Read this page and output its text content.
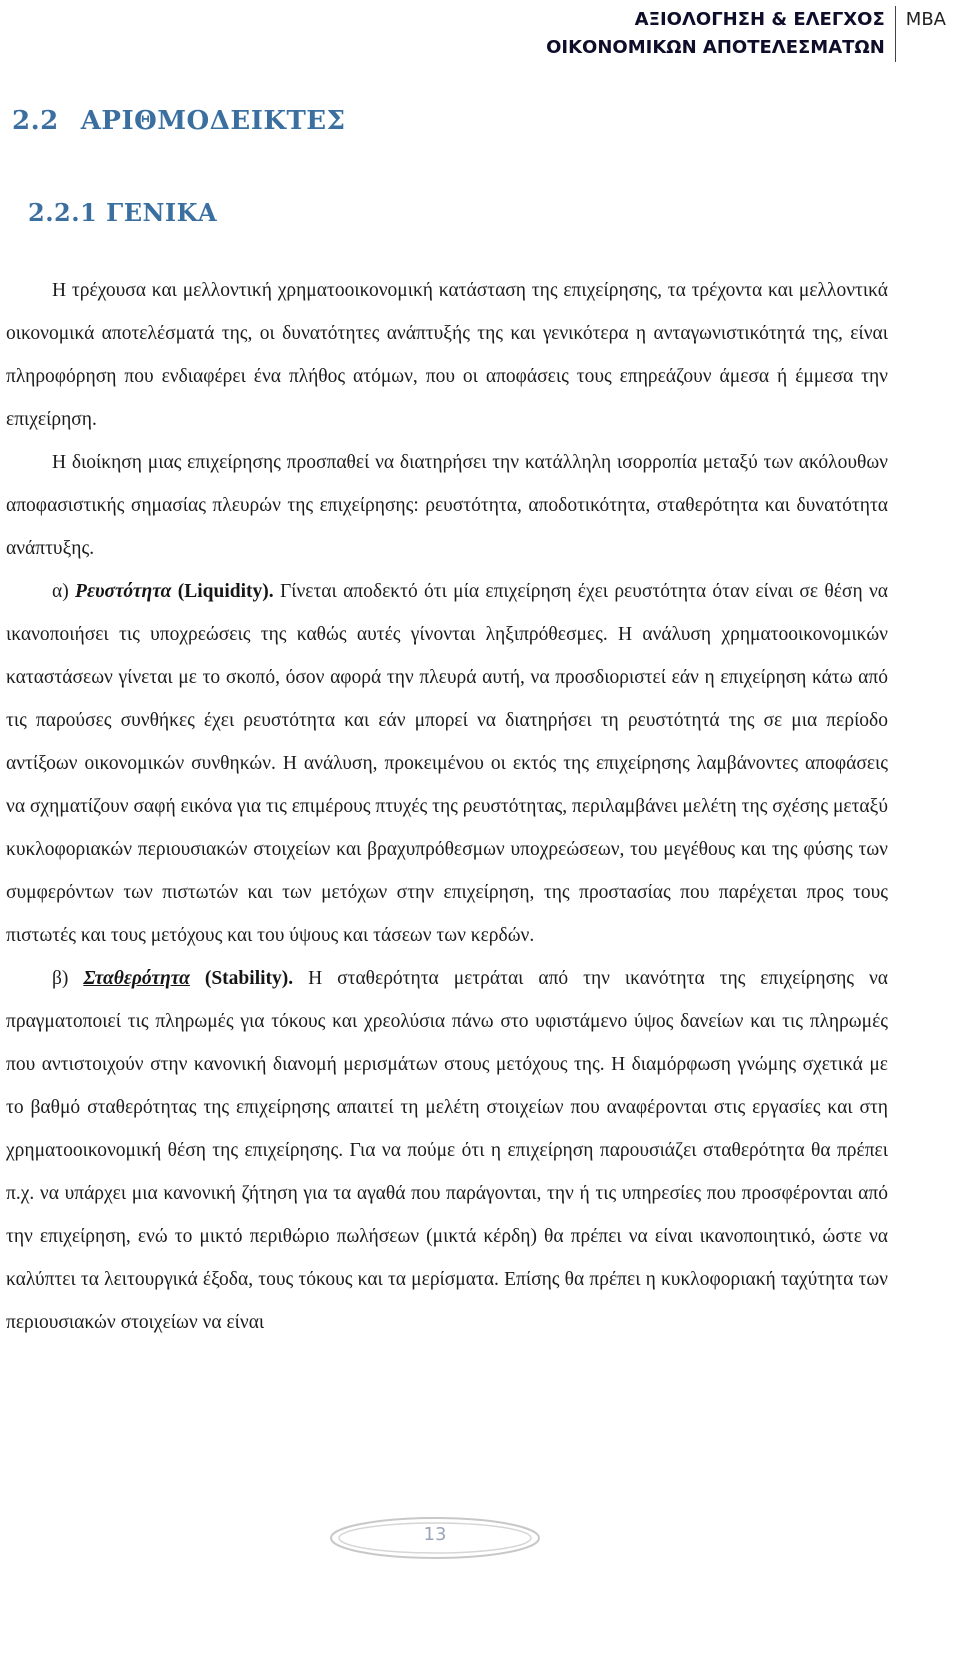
ΑΞΙΟΛΟΓΗΣΗ & ΕΛΕΓΧΟΣ
ΟΙΚΟΝΟΜΙΚΩΝ ΑΠΟΤΕΛΕΣΜΑΤΩΝ
MBA
2.2 ΑΡΙΘΜΟΔΕΙΚΤΕΣ
2.2.1 ΓΕΝΙΚΑ

Η τρέχουσα και μελλοντική χρηματοοικονομική κατάσταση της επιχείρησης, τα τρέχοντα και μελλοντικά οικονομικά αποτελέσματά της, οι δυνατότητες ανάπτυξής της και γενικότερα η ανταγωνιστικότητά της, είναι πληροφόρηση που ενδιαφέρει ένα πλήθος ατόμων, που οι αποφάσεις τους επηρεάζουν άμεσα ή έμμεσα την επιχείρηση.

Η διοίκηση μιας επιχείρησης προσπαθεί να διατηρήσει την κατάλληλη ισορροπία μεταξύ των ακόλουθων αποφασιστικής σημασίας πλευρών της επιχείρησης: ρευστότητα, αποδοτικότητα, σταθερότητα και δυνατότητα ανάπτυξης.

α) Ρευστότητα (Liquidity). Γίνεται αποδεκτό ότι μία επιχείρηση έχει ρευστότητα όταν είναι σε θέση να ικανοποιήσει τις υποχρεώσεις της καθώς αυτές γίνονται ληξιπρόθεσμες. Η ανάλυση χρηματοοικονομικών καταστάσεων γίνεται με το σκοπό, όσον αφορά την πλευρά αυτή, να προσδιοριστεί εάν η επιχείρηση κάτω από τις παρούσες συνθήκες έχει ρευστότητα και εάν μπορεί να διατηρήσει τη ρευστότητά της σε μια περίοδο αντίξοων οικονομικών συνθηκών. Η ανάλυση, προκειμένου οι εκτός της επιχείρησης λαμβάνοντες αποφάσεις να σχηματίζουν σαφή εικόνα για τις επιμέρους πτυχές της ρευστότητας, περιλαμβάνει μελέτη της σχέσης μεταξύ κυκλοφοριακών περιουσιακών στοιχείων και βραχυπρόθεσμων υποχρεώσεων, του μεγέθους και της φύσης των συμφερόντων των πιστωτών και των μετόχων στην επιχείρηση, της προστασίας που παρέχεται προς τους πιστωτές και τους μετόχους και του ύψους και τάσεων των κερδών.

β) Σταθερότητα (Stability). Η σταθερότητα μετράται από την ικανότητα της επιχείρησης να πραγματοποιεί τις πληρωμές για τόκους και χρεολύσια πάνω στο υφιστάμενο ύψος δανείων και τις πληρωμές που αντιστοιχούν στην κανονική διανομή μερισμάτων στους μετόχους της. Η διαμόρφωση γνώμης σχετικά με το βαθμό σταθερότητας της επιχείρησης απαιτεί τη μελέτη στοιχείων που αναφέρονται στις εργασίες και στη χρηματοοικονομική θέση της επιχείρησης. Για να πούμε ότι η επιχείρηση παρουσιάζει σταθερότητα θα πρέπει π.χ. να υπάρχει μια κανονική ζήτηση για τα αγαθά που παράγονται, την ή τις υπηρεσίες που προσφέρονται από την επιχείρηση, ενώ το μικτό περιθώριο πωλήσεων (μικτά κέρδη) θα πρέπει να είναι ικανοποιητικό, ώστε να καλύπτει τα λειτουργικά έξοδα, τους τόκους και τα μερίσματα. Επίσης θα πρέπει η κυκλοφοριακή ταχύτητα των περιουσιακών στοιχείων να είναι

13
